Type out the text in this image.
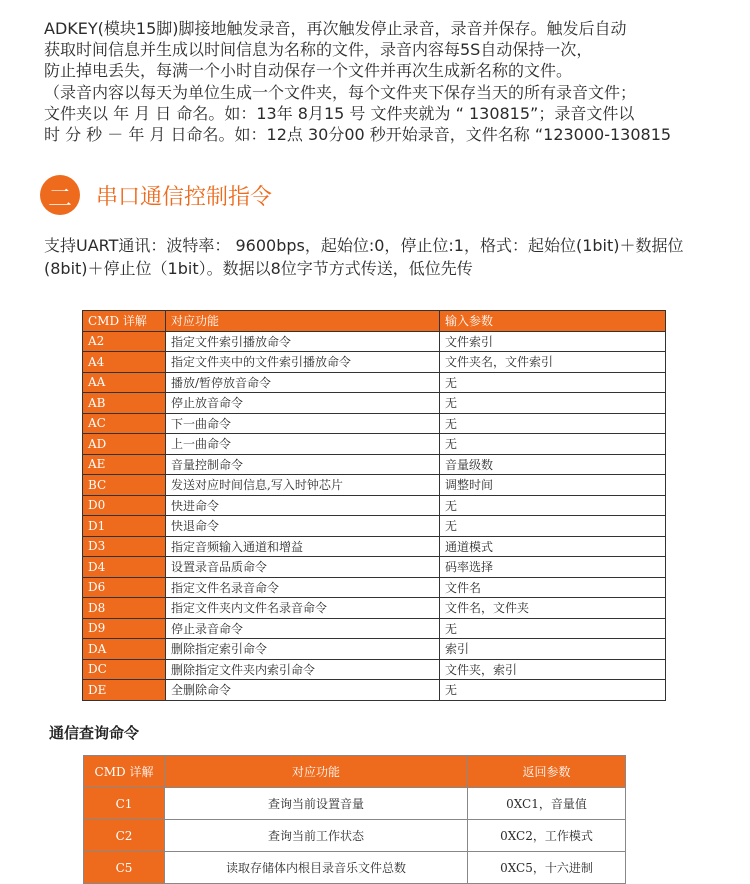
ADKEY(模块15脚)脚接地触发录音，再次触发停止录音，录音并保存。触发后自动
获取时间信息并生成以时间信息为名称的文件，录音内容每5S自动保持一次，
防止掉电丢失，每满一个小时自动保存一个文件并再次生成新名称的文件。
（录音内容以每天为单位生成一个文件夹，每个文件夹下保存当天的所有录音文件；
文件夹以 年 月 日 命名。如：13年 8月15 号 文件夹就为 “ 130815”；录音文件以
时 分 秒 － 年 月 日命名。如：12点 30分00 秒开始录音，文件名称 “123000-130815
二	串口通信控制指令
支持UART通讯：波特率： 9600bps，起始位:0，停止位:1，格式：起始位(1bit)＋数据位(8bit)＋停止位（1bit）。数据以8位字节方式传送，低位先传
CMD 详解	对应功能	输入参数
A2	指定文件索引播放命令	文件索引
A4	指定文件夹中的文件索引播放命令	文件夹名，文件索引
AA	播放/暂停放音命令	无
AB	停止放音命令	无
AC	下一曲命令	无
AD	上一曲命令	无
AE	音量控制命令	音量级数
BC	发送对应时间信息,写入时钟芯片	调整时间
D0	快进命令	无
D1	快退命令	无
D3	指定音频输入通道和增益	通道模式
D4	设置录音品质命令	码率选择
D6	指定文件名录音命令	文件名
D8	指定文件夹内文件名录音命令	文件名，文件夹
D9	停止录音命令	无
DA	删除指定索引命令	索引
DC	删除指定文件夹内索引命令	文件夹，索引
DE	全删除命令	无
通信查询命令
CMD 详解	对应功能	返回参数
C1	查询当前设置音量	0XC1，音量值
C2	查询当前工作状态	0XC2，工作模式
C5	读取存储体内根目录音乐文件总数	0XC5，十六进制
